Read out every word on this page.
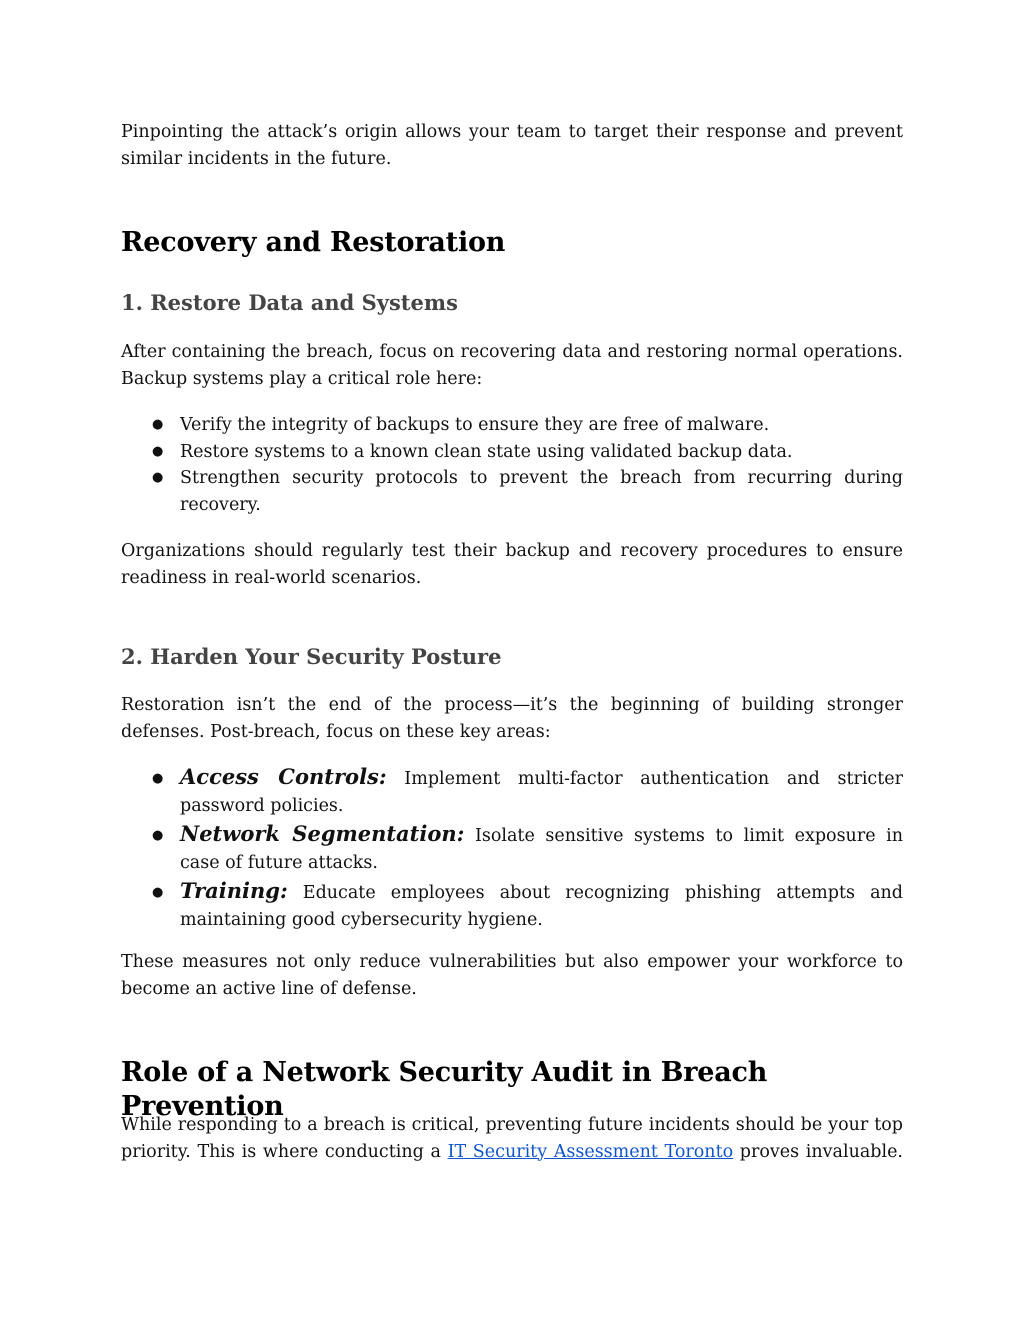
Pinpointing the attack’s origin allows your team to target their response and prevent similar incidents in the future.

Recovery and Restoration
1. Restore Data and Systems

After containing the breach, focus on recovering data and restoring normal operations. Backup systems play a critical role here:

● Verify the integrity of backups to ensure they are free of malware.
● Restore systems to a known clean state using validated backup data.
● Strengthen security protocols to prevent the breach from recurring during recovery.

Organizations should regularly test their backup and recovery procedures to ensure readiness in real-world scenarios.

2. Harden Your Security Posture

Restoration isn’t the end of the process—it’s the beginning of building stronger defenses. Post-breach, focus on these key areas:

● Access Controls: Implement multi-factor authentication and stricter password policies.
● Network Segmentation: Isolate sensitive systems to limit exposure in case of future attacks.
● Training: Educate employees about recognizing phishing attempts and maintaining good cybersecurity hygiene.

These measures not only reduce vulnerabilities but also empower your workforce to become an active line of defense.

Role of a Network Security Audit in Breach Prevention

While responding to a breach is critical, preventing future incidents should be your top priority. This is where conducting a IT Security Assessment Toronto proves invaluable.
